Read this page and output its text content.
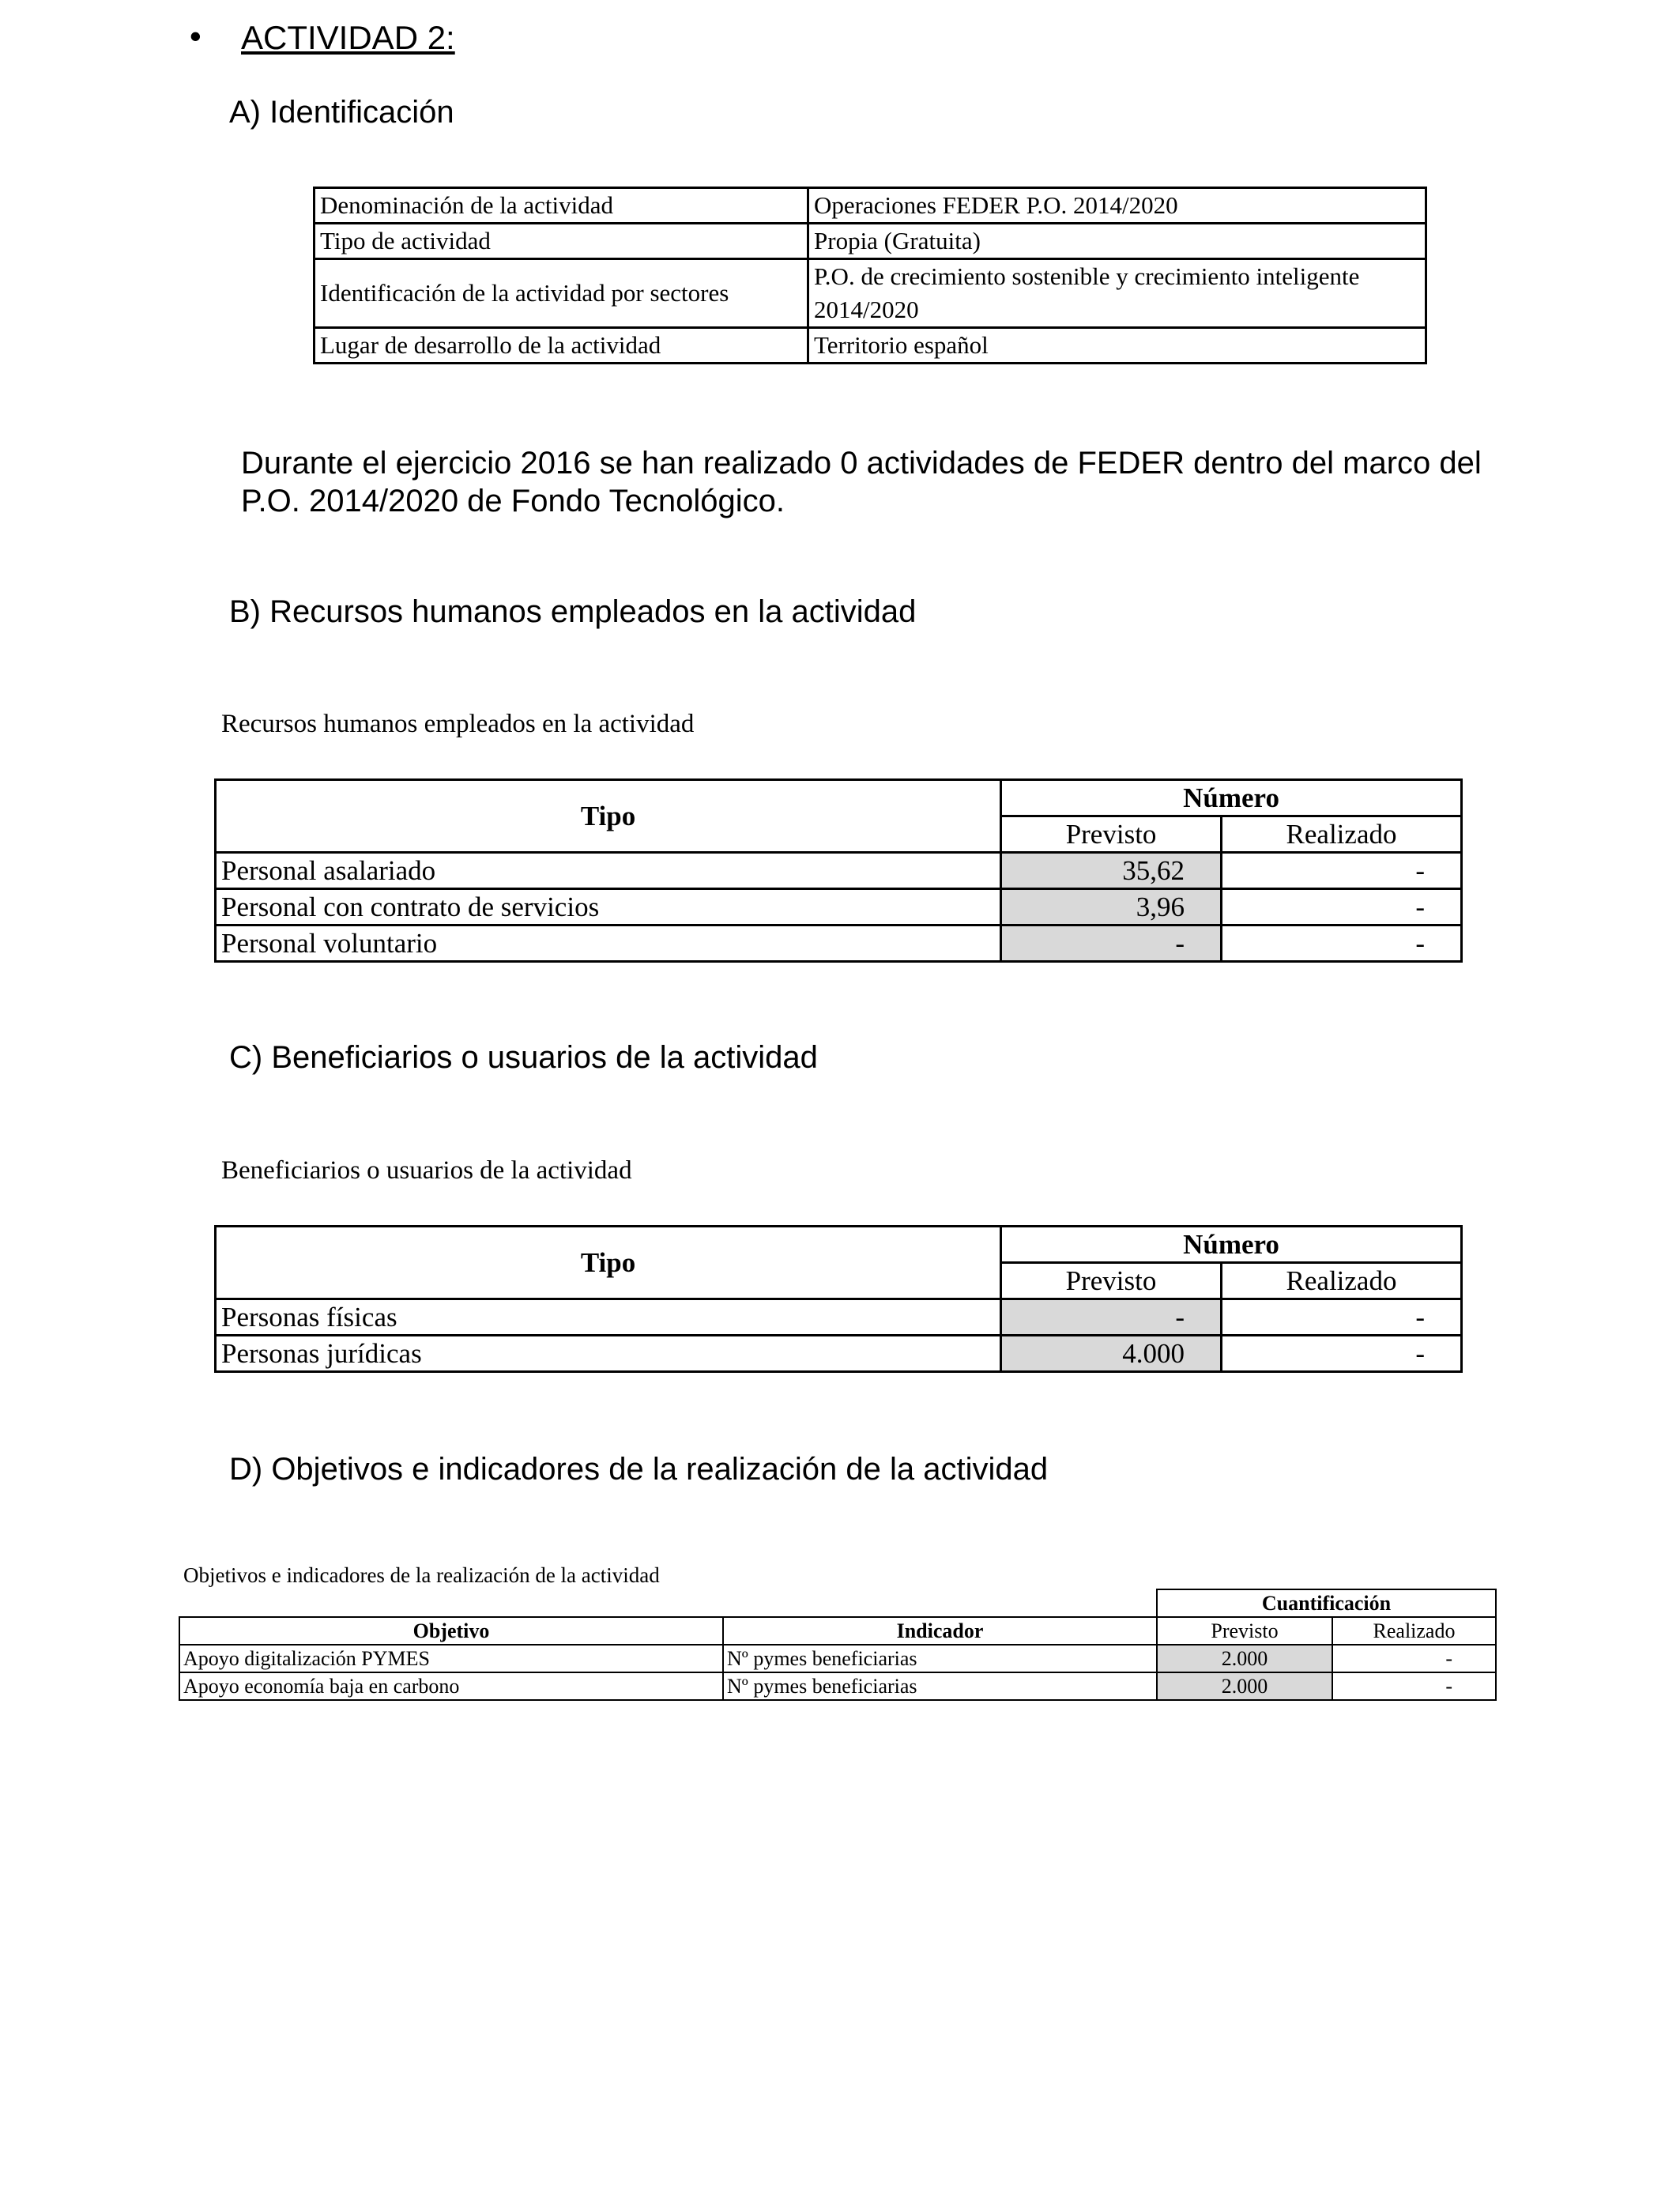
• ACTIVIDAD 2:
A) Identificación
Denominación de la actividad	Operaciones FEDER P.O. 2014/2020
Tipo de actividad	Propia (Gratuita)
Identificación de la actividad por sectores	P.O. de crecimiento sostenible y crecimiento inteligente 2014/2020
Lugar de desarrollo de la actividad	Territorio español
Durante el ejercicio 2016 se han realizado 0 actividades de FEDER dentro del marco del P.O. 2014/2020 de Fondo Tecnológico.
B) Recursos humanos empleados en la actividad
Recursos humanos empleados en la actividad
Tipo	Número	
	Previsto	Realizado
Personal asalariado	35,62	-
Personal con contrato de servicios	3,96	-
Personal voluntario	-	-
C) Beneficiarios o usuarios de la actividad
Beneficiarios o usuarios de la actividad
Tipo	Número	
	Previsto	Realizado
Personas físicas	-	-
Personas jurídicas	4.000	-
D) Objetivos e indicadores de la realización de la actividad
Objetivos e indicadores de la realización de la actividad
		Cuantificación	
Objetivo	Indicador	Previsto	Realizado
Apoyo digitalización PYMES	Nº pymes beneficiarias	2.000	-
Apoyo economía baja en carbono	Nº pymes beneficiarias	2.000	-
